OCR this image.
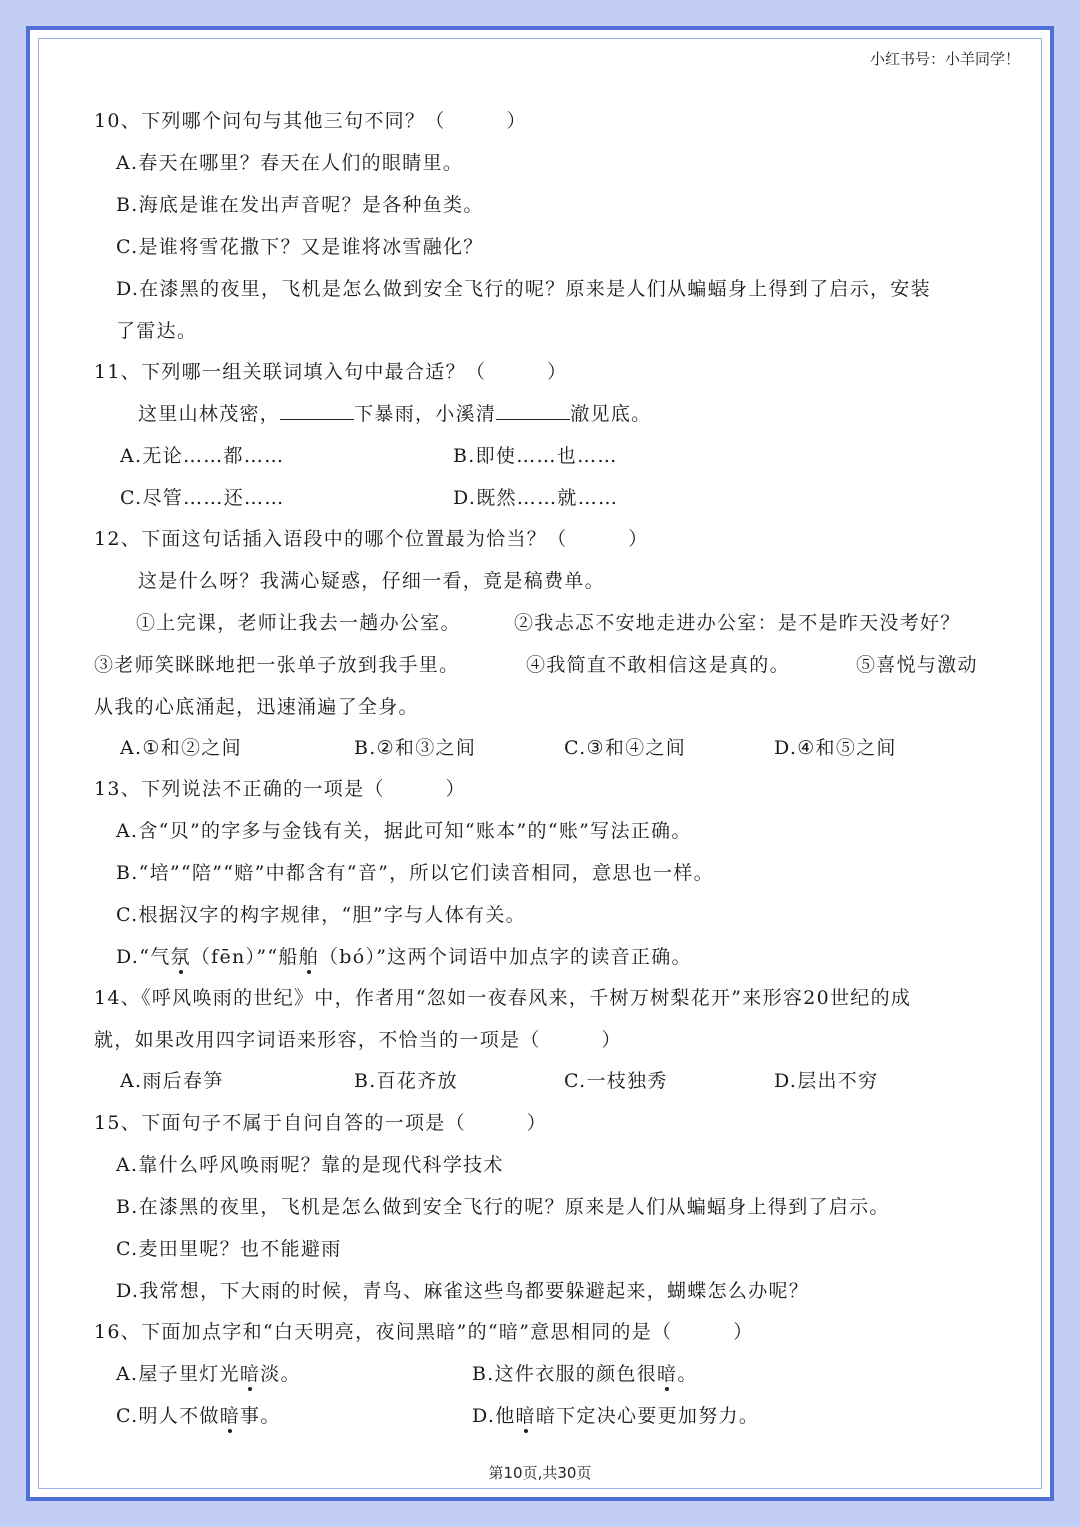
小红书号：小羊同学！
10、下列哪个问句与其他三句不同？（　　　）
A.春天在哪里？春天在人们的眼睛里。
B.海底是谁在发出声音呢？是各种鱼类。
C.是谁将雪花撒下？又是谁将冰雪融化？
D.在漆黑的夜里，飞机是怎么做到安全飞行的呢？原来是人们从蝙蝠身上得到了启示，安装
了雷达。
11、下列哪一组关联词填入句中最合适？（　　　）
这里山林茂密，	下暴雨，小溪清	澈见底。
A.无论……都……	B.即使……也……
C.尽管……还……	D.既然……就……
12、下面这句话插入语段中的哪个位置最为恰当？（　　　）
这是什么呀？我满心疑惑，仔细一看，竟是稿费单。
①上完课，老师让我去一趟办公室。	②我忐忑不安地走进办公室：是不是昨天没考好？
③老师笑眯眯地把一张单子放到我手里。	④我简直不敢相信这是真的。	⑤喜悦与激动
从我的心底涌起，迅速涌遍了全身。
A.①和②之间	B.②和③之间	C.③和④之间	D.④和⑤之间
13、下列说法不正确的一项是（　　　）
A.含“贝”的字多与金钱有关，据此可知“账本”的“账”写法正确。
B.“培”“陪”“赔”中都含有“音”，所以它们读音相同，意思也一样。
C.根据汉字的构字规律，“胆”字与人体有关。
D.“气氛（fēn）”“船舶（bó）”这两个词语中加点字的读音正确。
14、《呼风唤雨的世纪》中，作者用“忽如一夜春风来，千树万树梨花开”来形容20世纪的成
就，如果改用四字词语来形容，不恰当的一项是（　　　）
A.雨后春笋	B.百花齐放	C.一枝独秀	D.层出不穷
15、下面句子不属于自问自答的一项是（　　　）
A.靠什么呼风唤雨呢？靠的是现代科学技术
B.在漆黑的夜里，飞机是怎么做到安全飞行的呢？原来是人们从蝙蝠身上得到了启示。
C.麦田里呢？也不能避雨
D.我常想，下大雨的时候，青鸟、麻雀这些鸟都要躲避起来，蝴蝶怎么办呢？
16、下面加点字和“白天明亮，夜间黑暗”的“暗”意思相同的是（　　　）
A.屋子里灯光暗淡。	B.这件衣服的颜色很暗。
C.明人不做暗事。	D.他暗暗下定决心要更加努力。
第10页,共30页
